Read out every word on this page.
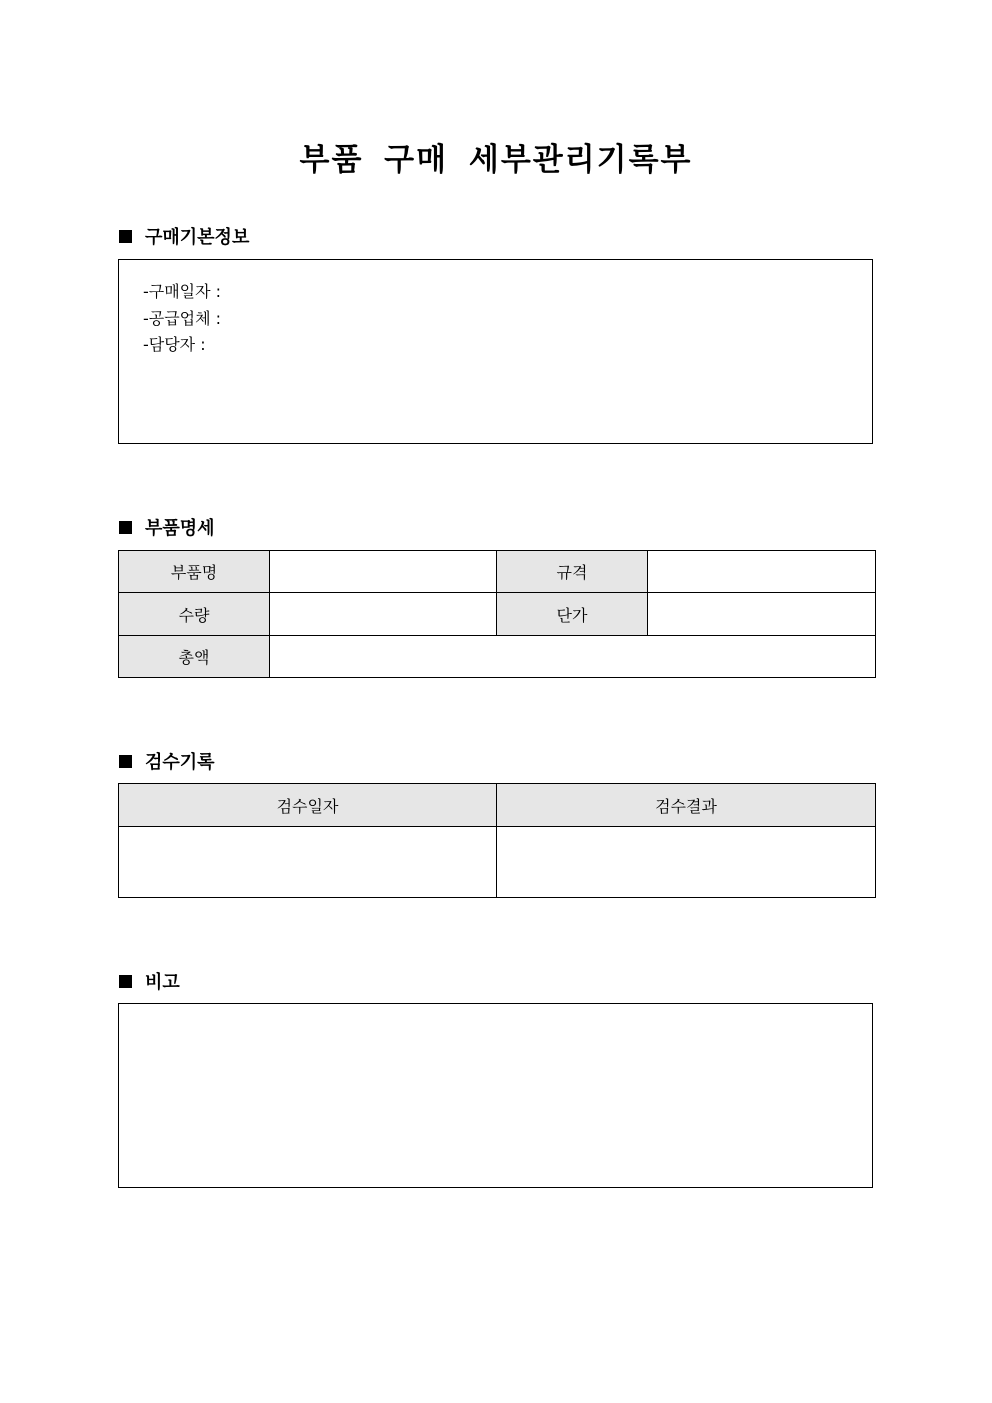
부품 구매 세부관리기록부
구매기본정보
-구매일자 :
-공급업체 :
-담당자 :
부품명세
부품명		규격	
수량		단가	
총액			
검수기록
검수일자	검수결과

비고
